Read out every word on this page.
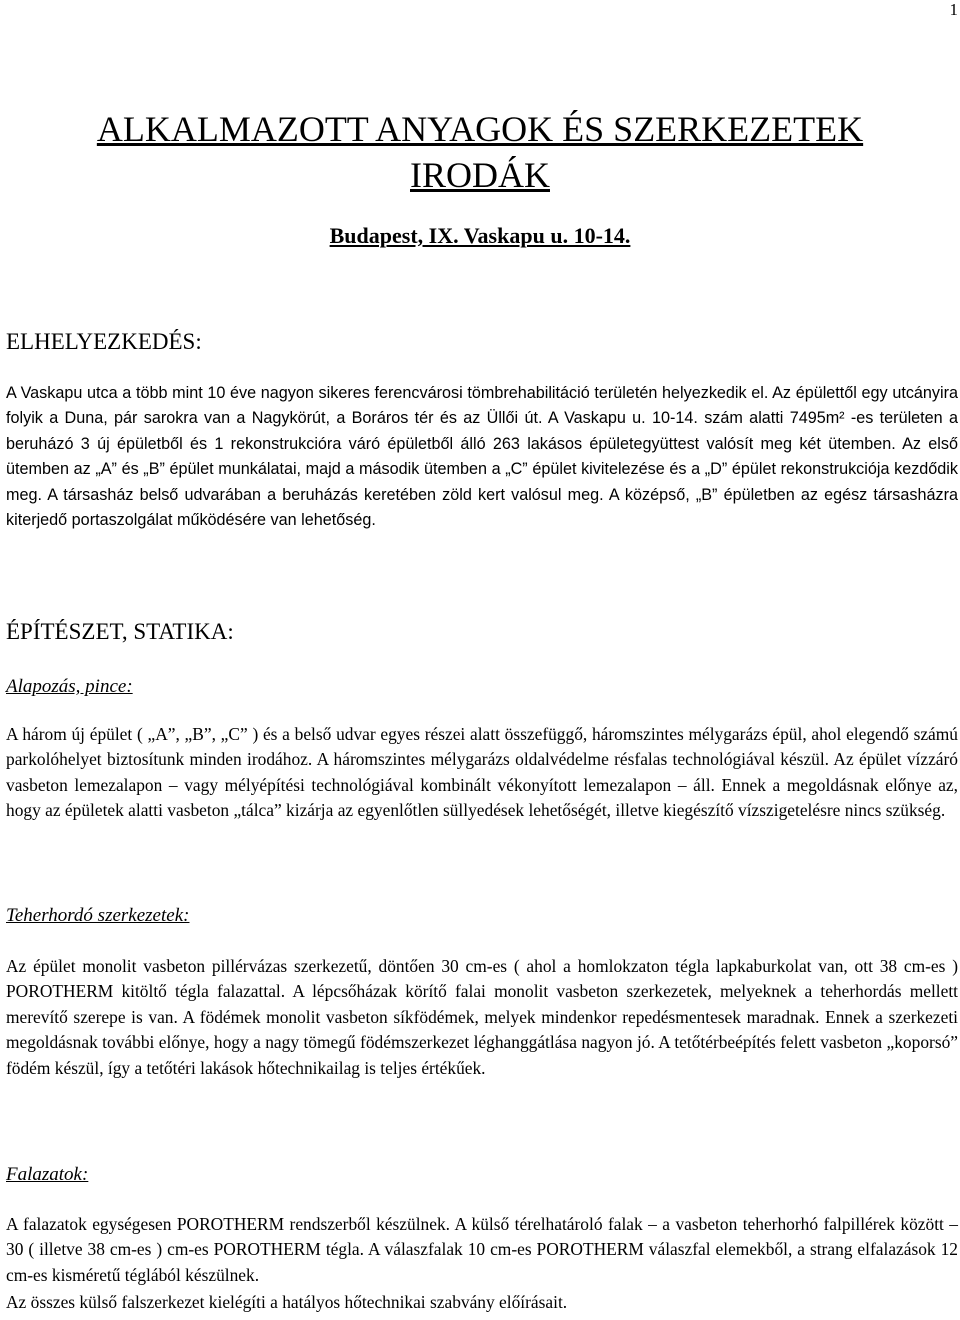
1
ALKALMAZOTT ANYAGOK ÉS SZERKEZETEK
IRODÁK

Budapest, IX. Vaskapu u. 10-14.

ELHELYEZKEDÉS:

A Vaskapu utca a több mint 10 éve nagyon sikeres ferencvárosi tömbrehabilitáció területén helyezkedik el. Az épülettől egy utcányira folyik a Duna, pár sarokra van a Nagykörút, a Boráros tér és az Üllői út. A Vaskapu u. 10-14. szám alatti 7495m² -es területen a beruházó 3 új épületből és 1 rekonstrukcióra váró épületből álló 263 lakásos épületegyüttest valósít meg két ütemben. Az első ütemben az „A” és „B” épület munkálatai, majd a második ütemben a „C” épület kivitelezése és a „D” épület rekonstrukciója kezdődik meg. A társasház belső udvarában a beruházás keretében zöld kert valósul meg. A középső, „B” épületben az egész társasházra kiterjedő portaszolgálat működésére van lehetőség.

ÉPÍTÉSZET, STATIKA:
Alapozás, pince:

A három új épület ( „A”, „B”, „C” ) és a belső udvar egyes részei alatt összefüggő, háromszintes mélygarázs épül, ahol elegendő számú parkolóhelyet biztosítunk minden irodához. A háromszintes mélygarázs oldalvédelme résfalas technológiával készül. Az épület vízzáró vasbeton lemezalapon – vagy mélyépítési technológiával kombinált vékonyított lemezalapon – áll. Ennek a megoldásnak előnye az, hogy az épületek alatti vasbeton „tálca” kizárja az egyenlőtlen süllyedések lehetőségét, illetve kiegészítő vízszigetelésre nincs szükség.

Teherhordó szerkezetek:

Az épület monolit vasbeton pillérvázas szerkezetű, döntően 30 cm-es ( ahol a homlokzaton tégla lapkaburkolat van, ott 38 cm-es ) POROTHERM kitöltő tégla falazattal. A lépcsőházak körítő falai monolit vasbeton szerkezetek, melyeknek a teherhordás mellett merevítő szerepe is van. A födémek monolit vasbeton síkfödémek, melyek mindenkor repedésmentesek maradnak. Ennek a szerkezeti megoldásnak további előnye, hogy a nagy tömegű födémszerkezet léghanggátlása nagyon jó. A tetőtérbeépítés felett vasbeton „koporsó” födém készül, így a tetőtéri lakások hőtechnikailag is teljes értékűek.

Falazatok:

A falazatok egységesen POROTHERM rendszerből készülnek. A külső térelhatároló falak – a vasbeton teherhorhó falpillérek között – 30 ( illetve 38 cm-es ) cm-es POROTHERM tégla. A válaszfalak 10 cm-es POROTHERM válaszfal elemekből, a strang elfalazások 12 cm-es kisméretű téglából készülnek.

Az összes külső falszerkezet kielégíti a hatályos hőtechnikai szabvány előírásait.
